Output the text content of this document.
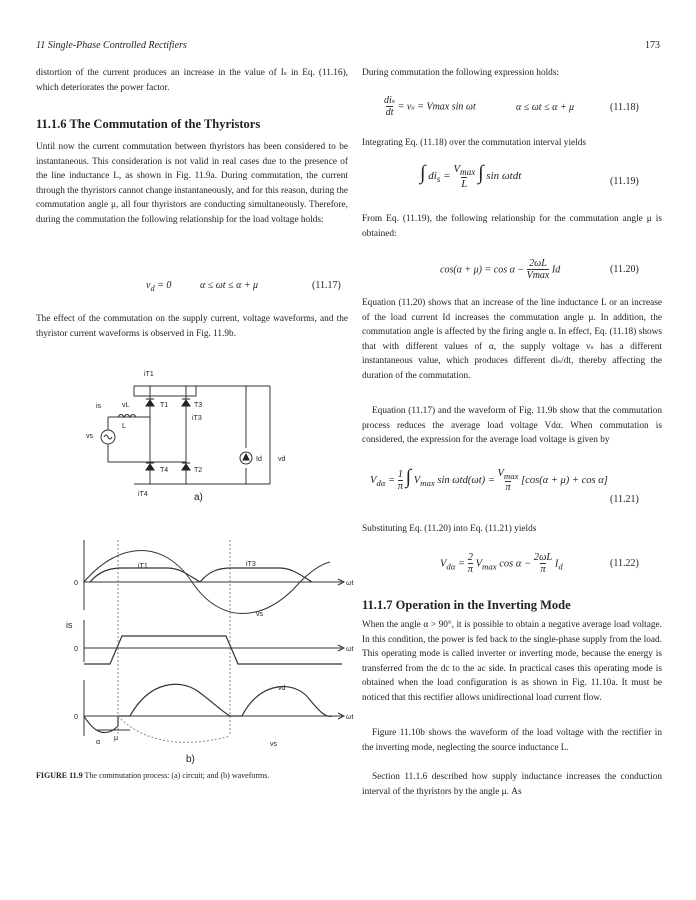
11 Single-Phase Controlled Rectifiers	173

distortion of the current produces an increase in the value of Iₛ in Eq. (11.16), which deteriorates the power factor.

11.1.6 The Commutation of the Thyristors

Until now the current commutation between thyristors has been considered to be instantaneous. This consideration is not valid in real cases due to the presence of the line inductance L, as shown in Fig. 11.9a. During commutation, the current through the thyristors cannot change instantaneously, and for this reason, during the commutation angle μ, all four thyristors are conducting simultaneously. Therefore, during the commutation the following relationship for the load voltage holds:

$v_d = 0$	α ≤ ωt ≤ α + μ	(11.17)

The effect of the commutation on the supply current, voltage waveforms, and the thyristor current waveforms is observed in Fig. 11.9b.

iT1
is	vL	T1	T3
iT3
L
vs
Id vd
T4	T2
iT4	a)
iT1	iT3
ωt
0
vs
is
0	ωt
vd
0	ωt
vs
α
μ
b)
FIGURE 11.9 The commutation process: (a) circuit; and (b) waveforms.

During commutation the following expression holds:

diₛ
dt = vₛ = Vmax sin ωt	α ≤ ωt ≤ α + μ	(11.18)

Integrating Eq. (11.18) over the commutation interval yields

∫ $di_s = V_{max}$
L ∫ sin ωtdt	(11.19)

From Eq. (11.19), the following relationship for the commutation angle μ is obtained:

cos(α + μ) = cos α − 2ωL
Vmax Id	(11.20)

Equation (11.20) shows that an increase of the line inductance L or an increase of the load current Id increases the commutation angle μ. In addition, the commutation angle is affected by the firing angle α. In effect, Eq. (11.18) shows that with different values of α, the supply voltage vₛ has a different instantaneous value, which produces different diₛ/dt, thereby affecting the duration of the commutation.

Equation (11.17) and the waveform of Fig. 11.9b show that the commutation process reduces the average load voltage Vdα. When commutation is considered, the expression for the average load voltage is given by

$V_{d\alpha} = 1$
π ∫ $V_{max}$ $\sin \omega td(\omega t) = V_{max}$
π [cos(α + μ) + cos α]
(11.21)

Substituting Eq. (11.20) into Eq. (11.21) yields

$V_{d\alpha} = 2$
π $V_{max}$ cos α − 2ωL
π $I_d$	(11.22)
11.1.7 Operation in the Inverting Mode

When the angle α > 90°, it is possible to obtain a negative average load voltage. In this condition, the power is fed back to the single-phase supply from the load. This operating mode is called inverter or inverting mode, because the energy is transferred from the dc to the ac side. In practical cases this operating mode is obtained when the load configuration is as shown in Fig. 11.10a. It must be noticed that this rectifier allows unidirectional load current flow.

Figure 11.10b shows the waveform of the load voltage with the rectifier in the inverting mode, neglecting the source inductance L.

Section 11.1.6 described how supply inductance increases the conduction interval of the thyristors by the angle μ. As
